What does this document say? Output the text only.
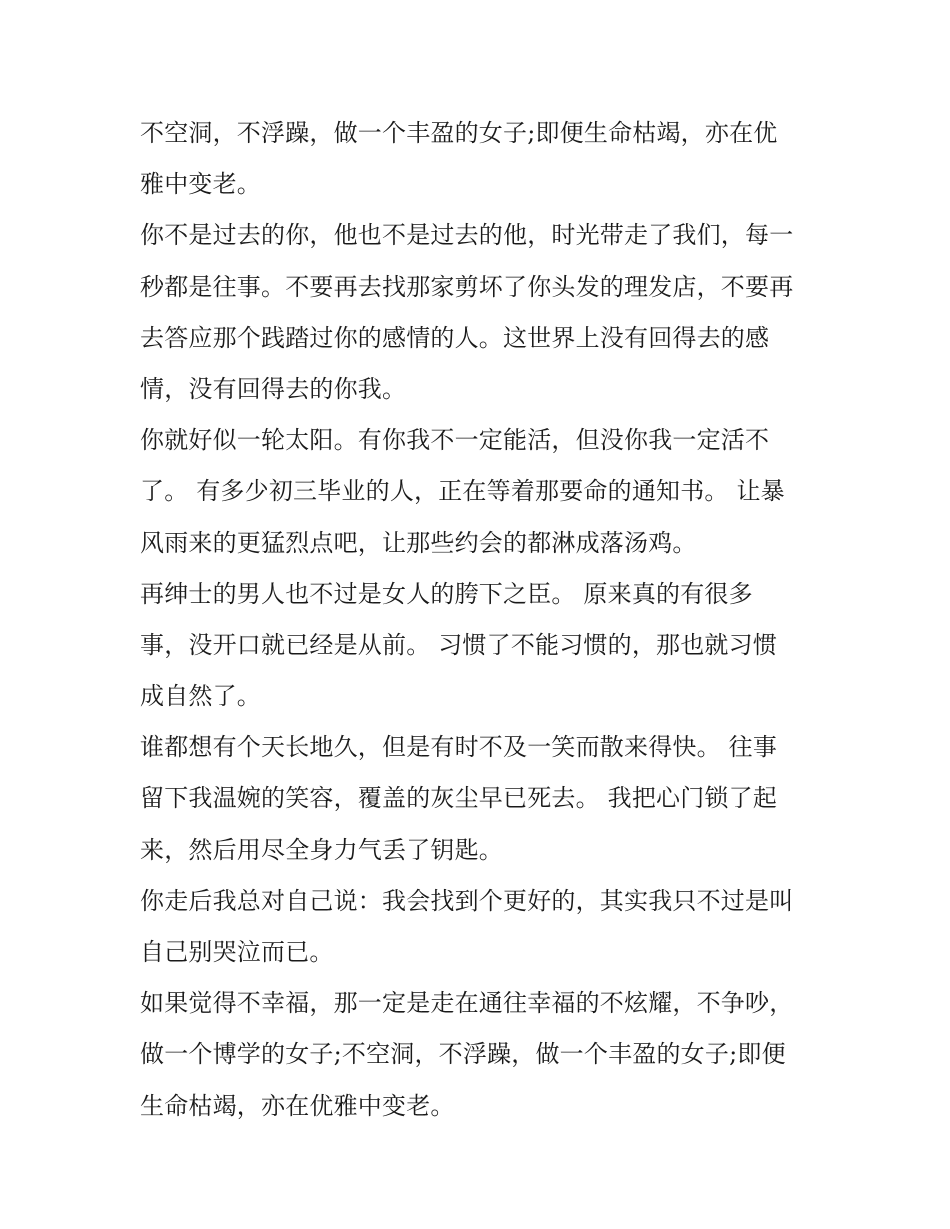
不空洞，不浮躁，做一个丰盈的女子;即便生命枯竭，亦在优
雅中变老。
你不是过去的你，他也不是过去的他，时光带走了我们，每一
秒都是往事。不要再去找那家剪坏了你头发的理发店，不要再
去答应那个践踏过你的感情的人。这世界上没有回得去的感
情，没有回得去的你我。
你就好似一轮太阳。有你我不一定能活，但没你我一定活不
了。 有多少初三毕业的人，正在等着那要命的通知书。 让暴
风雨来的更猛烈点吧，让那些约会的都淋成落汤鸡。
再绅士的男人也不过是女人的胯下之臣。 原来真的有很多
事，没开口就已经是从前。 习惯了不能习惯的，那也就习惯
成自然了。
谁都想有个天长地久，但是有时不及一笑而散来得快。 往事
留下我温婉的笑容，覆盖的灰尘早已死去。 我把心门锁了起
来，然后用尽全身力气丢了钥匙。
你走后我总对自己说：我会找到个更好的，其实我只不过是叫
自己别哭泣而已。
如果觉得不幸福，那一定是走在通往幸福的不炫耀，不争吵，
做一个博学的女子;不空洞，不浮躁，做一个丰盈的女子;即便
生命枯竭，亦在优雅中变老。
